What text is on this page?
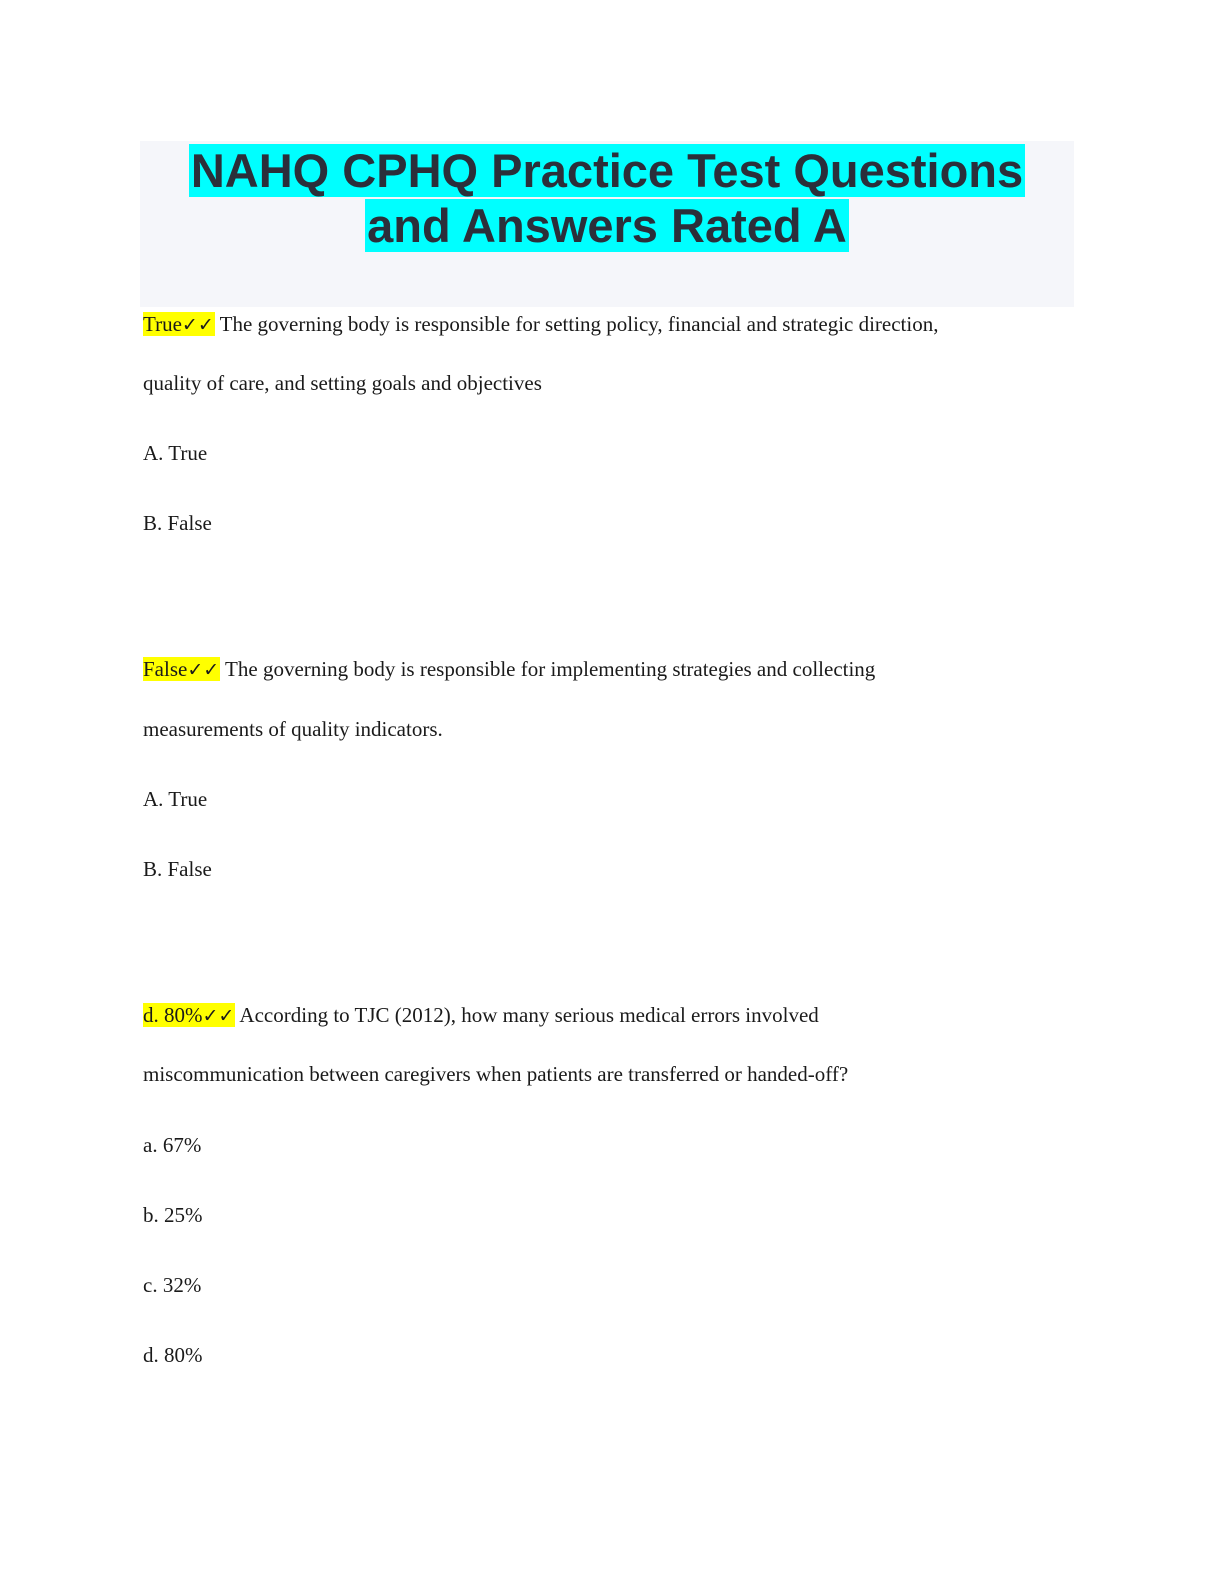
NAHQ CPHQ Practice Test Questions
and Answers Rated A
True✓✓ The governing body is responsible for setting policy, financial and strategic direction,
quality of care, and setting goals and objectives
A. True
B. False
False✓✓ The governing body is responsible for implementing strategies and collecting
measurements of quality indicators.
A. True
B. False
d. 80%✓✓ According to TJC (2012), how many serious medical errors involved
miscommunication between caregivers when patients are transferred or handed-off?
a. 67%
b. 25%
c. 32%
d. 80%
